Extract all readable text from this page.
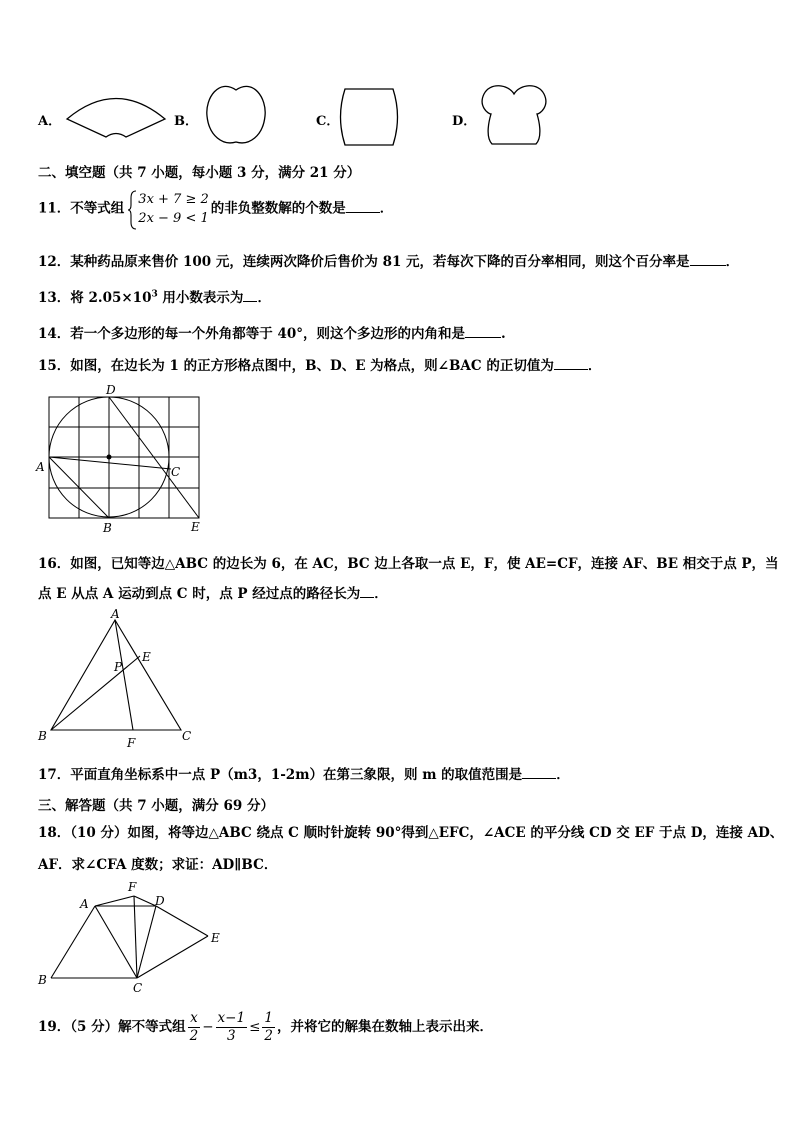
A．	B．	C．	D．
二、填空题（共 7 小题，每小题 3 分，满分 21 分）
11．不等式组
3x + 7 ≥ 2
2x − 9 < 1
的非负整数解的个数是	．
12．某种药品原来售价 100 元，连续两次降价后售价为 81 元，若每次下降的百分率相同，则这个百分率是	．
13．将 $2.05\times 10^3$ 用小数表示为 ．
14．若一个多边形的每一个外角都等于 40°，则这个多边形的内角和是	.
15．如图，在边长为 1 的正方形格点图中，B、D、E 为格点，则∠BAC 的正切值为	．
D
A	C
B	E
16．如图，已知等边△ABC 的边长为 6，在 AC，BC 边上各取一点 E，F，使 AE=CF，连接 AF、BE 相交于点 P，当
点 E 从点 A 运动到点 C 时，点 P 经过点的路径长为 ．
A
E
P
B	F	C
17．平面直角坐标系中一点 P（m3，1-2m）在第三象限，则 m 的取值范围是	．
三、解答题（共 7 小题，满分 69 分）
18．（10 分）如图，将等边△ABC 绕点 C 顺时针旋转 90°得到△EFC，∠ACE 的平分线 CD 交 EF 于点 D，连接 AD、
AF．求∠CFA 度数；求证：AD∥BC．
A
F
D
E
B
C
19．（5 分）解不等式组 $\frac{x}{2} - \frac{x-1}{3} \le \frac{1}{2}$ ，并将它的解集在数轴上表示出来．
